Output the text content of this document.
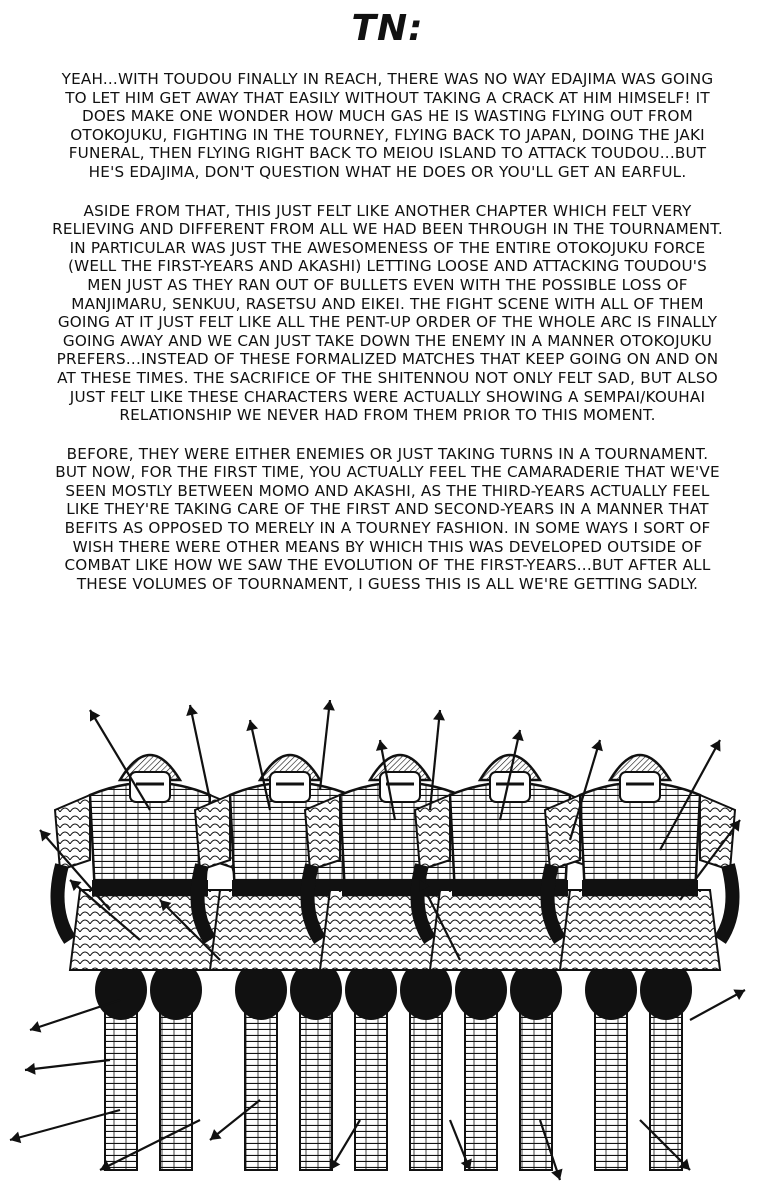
TN:

YEAH...WITH TOUDOU FINALLY IN REACH, THERE WAS NO WAY EDAJIMA WAS GOING TO LET HIM GET AWAY THAT EASILY WITHOUT TAKING A CRACK AT HIM HIMSELF! IT DOES MAKE ONE WONDER HOW MUCH GAS HE IS WASTING FLYING OUT FROM OTOKOJUKU, FIGHTING IN THE TOURNEY, FLYING BACK TO JAPAN, DOING THE JAKI FUNERAL, THEN FLYING RIGHT BACK TO MEIOU ISLAND TO ATTACK TOUDOU...BUT HE'S EDAJIMA, DON'T QUESTION WHAT HE DOES OR YOU'LL GET AN EARFUL.

ASIDE FROM THAT, THIS JUST FELT LIKE ANOTHER CHAPTER WHICH FELT VERY RELIEVING AND DIFFERENT FROM ALL WE HAD BEEN THROUGH IN THE TOURNAMENT. IN PARTICULAR WAS JUST THE AWESOMENESS OF THE ENTIRE OTOKOJUKU FORCE (WELL THE FIRST-YEARS AND AKASHI) LETTING LOOSE AND ATTACKING TOUDOU'S MEN JUST AS THEY RAN OUT OF BULLETS EVEN WITH THE POSSIBLE LOSS OF MANJIMARU, SENKUU, RASETSU AND EIKEI. THE FIGHT SCENE WITH ALL OF THEM GOING AT IT JUST FELT LIKE ALL THE PENT-UP ORDER OF THE WHOLE ARC IS FINALLY GOING AWAY AND WE CAN JUST TAKE DOWN THE ENEMY IN A MANNER OTOKOJUKU PREFERS...INSTEAD OF THESE FORMALIZED MATCHES THAT KEEP GOING ON AND ON AT THESE TIMES. THE SACRIFICE OF THE SHITENNOU NOT ONLY FELT SAD, BUT ALSO JUST FELT LIKE THESE CHARACTERS WERE ACTUALLY SHOWING A SEMPAI/KOUHAI RELATIONSHIP WE NEVER HAD FROM THEM PRIOR TO THIS MOMENT.

BEFORE, THEY WERE EITHER ENEMIES OR JUST TAKING TURNS IN A TOURNAMENT. BUT NOW, FOR THE FIRST TIME, YOU ACTUALLY FEEL THE CAMARADERIE THAT WE'VE SEEN MOSTLY BETWEEN MOMO AND AKASHI, AS THE THIRD-YEARS ACTUALLY FEEL LIKE THEY'RE TAKING CARE OF THE FIRST AND SECOND-YEARS IN A MANNER THAT BEFITS AS OPPOSED TO MERELY IN A TOURNEY FASHION. IN SOME WAYS I SORT OF WISH THERE WERE OTHER MEANS BY WHICH THIS WAS DEVELOPED OUTSIDE OF COMBAT LIKE HOW WE SAW THE EVOLUTION OF THE FIRST-YEARS...BUT AFTER ALL THESE VOLUMES OF TOURNAMENT, I GUESS THIS IS ALL WE'RE GETTING SADLY.
